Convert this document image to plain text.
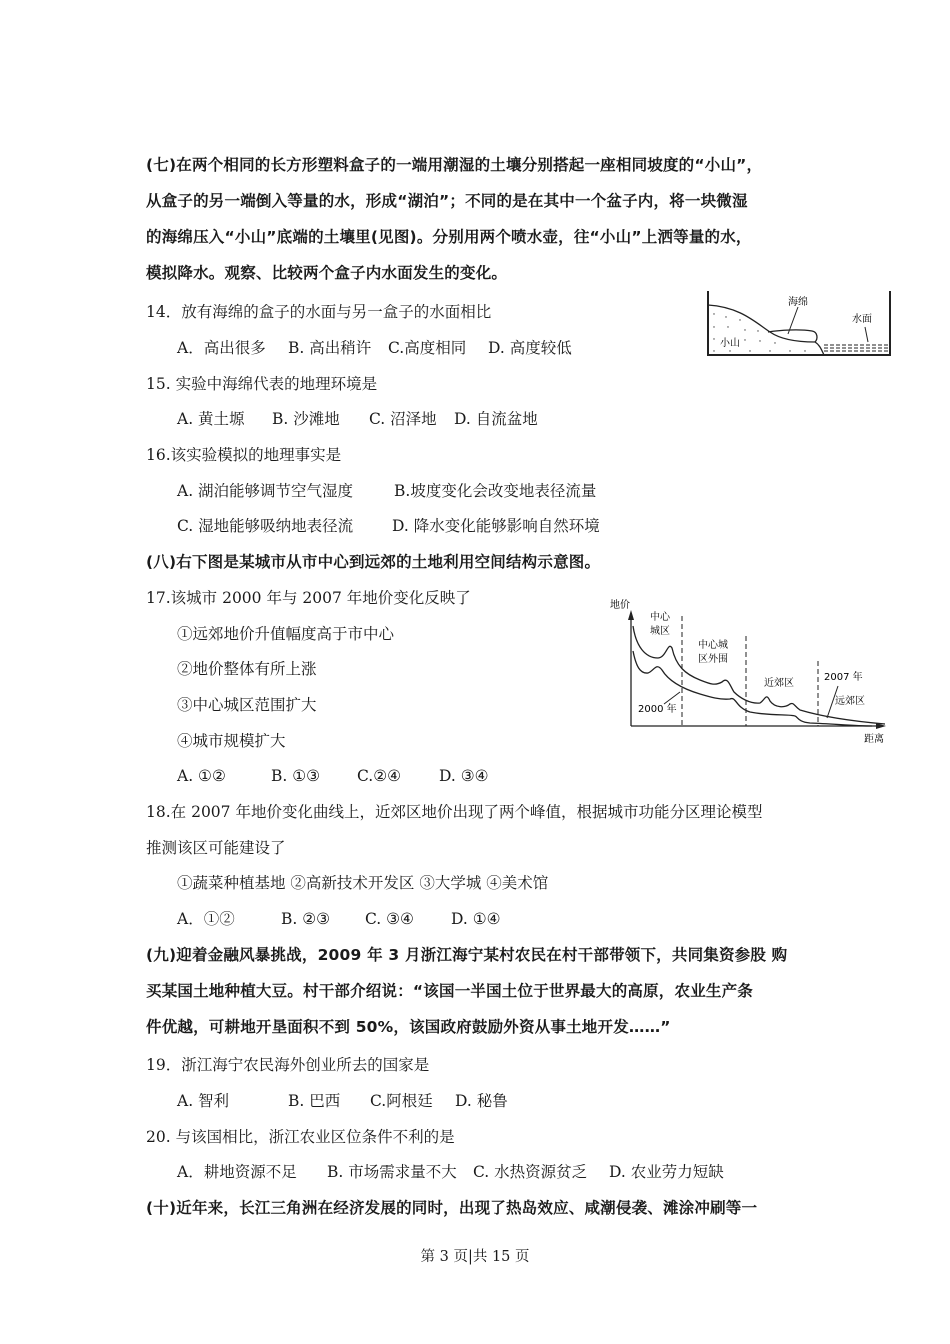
(七)在两个相同的长方形塑料盒子的一端用潮湿的土壤分别搭起一座相同坡度的“小山”，
从盒子的另一端倒入等量的水，形成“湖泊”；不同的是在其中一个盆子内，将一块微湿
的海绵压入“小山”底端的土壤里(见图)。分别用两个喷水壶，往“小山”上洒等量的水，
模拟降水。观察、比较两个盒子内水面发生的变化。
海绵
水面
小山
14．放有海绵的盒子的水面与另一盒子的水面相比
A．高出很多 B. 高出稍许 C.高度相同 D. 高度较低
15. 实验中海绵代表的地理环境是
A. 黄土塬 B. 沙滩地 C. 沼泽地 D. 自流盆地
16.该实验模拟的地理事实是
A. 湖泊能够调节空气湿度	B.坡度变化会改变地表径流量
C. 湿地能够吸纳地表径流	D. 降水变化能够影响自然环境
(八)右下图是某城市从市中心到远郊的土地利用空间结构示意图。
地价
距离
中心
城区
中心城
区外围
近郊区
远郊区
2007 年
2000 年
17.该城市 2000 年与 2007 年地价变化反映了
①远郊地价升值幅度高于市中心
②地价整体有所上涨
③中心城区范围扩大
④城市规模扩大
A. ①②	B. ①③ C.②④ D. ③④
18.在 2007 年地价变化曲线上，近郊区地价出现了两个峰值，根据城市功能分区理论模型
推测该区可能建设了
①蔬菜种植基地 ②高新技术开发区 ③大学城 ④美术馆
A．①②	B. ②③ C. ③④ D. ①④
(九)迎着金融风暴挑战，2009 年 3 月浙江海宁某村农民在村干部带领下，共同集资参股 购
买某国土地种植大豆。村干部介绍说：“该国一半国土位于世界最大的高原，农业生产条
件优越，可耕地开垦面积不到 50%，该国政府鼓励外资从事土地开发……”
19．浙江海宁农民海外创业所去的国家是
A. 智利	B. 巴西 C.阿根廷 D. 秘鲁
20. 与该国相比，浙江农业区位条件不利的是
A．耕地资源不足 B. 市场需求量不大 C. 水热资源贫乏 D. 农业劳力短缺
(十)近年来，长江三角洲在经济发展的同时，出现了热岛效应、咸潮侵袭、滩涂冲刷等一
第 3 页|共 15 页
